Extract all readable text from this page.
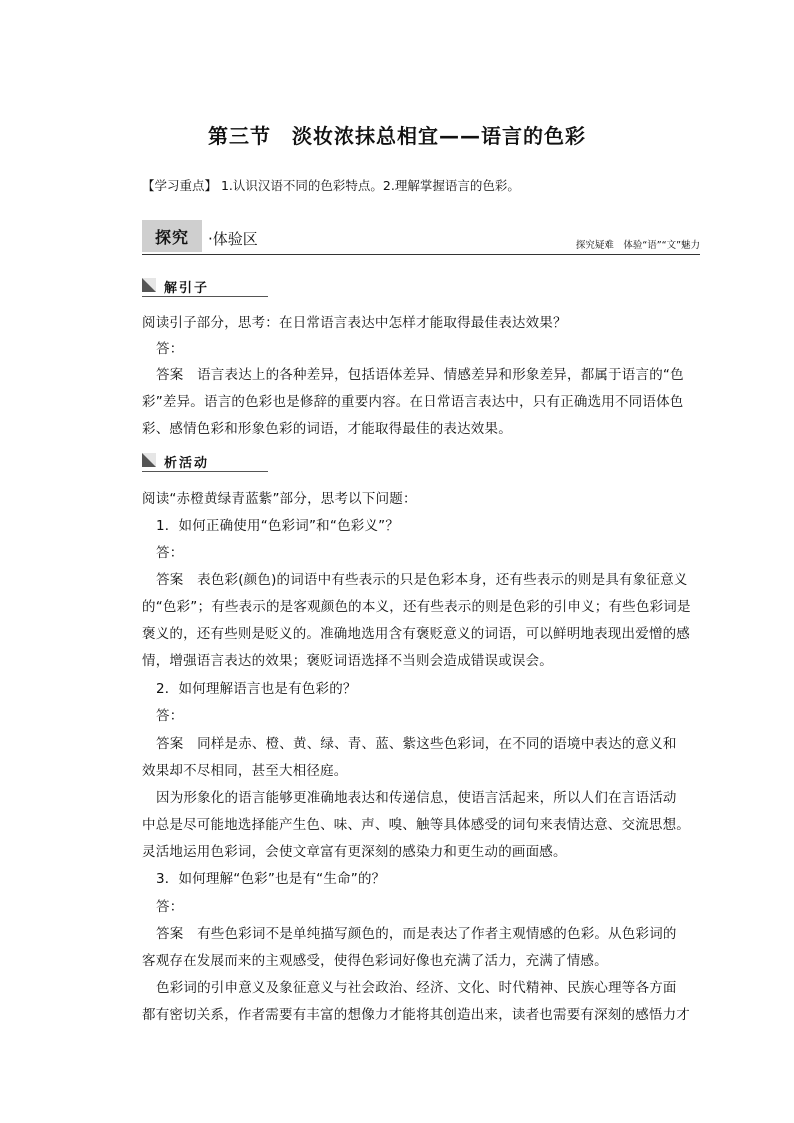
第三节　淡妆浓抹总相宜——语言的色彩
【学习重点】 1.认识汉语不同的色彩特点。2.理解掌握语言的色彩。
探究	·体验区	探究疑难　体验“语”“文”魅力
解引子
阅读引子部分，思考：在日常语言表达中怎样才能取得最佳表达效果？
答：
答案　语言表达上的各种差异，包括语体差异、情感差异和形象差异，都属于语言的“色
彩”差异。语言的色彩也是修辞的重要内容。在日常语言表达中，只有正确选用不同语体色
彩、感情色彩和形象色彩的词语，才能取得最佳的表达效果。
析活动
阅读“赤橙黄绿青蓝紫”部分，思考以下问题：
1．如何正确使用“色彩词”和“色彩义”？
答：
答案　表色彩(颜色)的词语中有些表示的只是色彩本身，还有些表示的则是具有象征意义
的“色彩”；有些表示的是客观颜色的本义，还有些表示的则是色彩的引申义；有些色彩词是
褒义的，还有些则是贬义的。准确地选用含有褒贬意义的词语，可以鲜明地表现出爱憎的感
情，增强语言表达的效果；褒贬词语选择不当则会造成错误或误会。
2．如何理解语言也是有色彩的？
答：
答案　同样是赤、橙、黄、绿、青、蓝、紫这些色彩词，在不同的语境中表达的意义和
效果却不尽相同，甚至大相径庭。
因为形象化的语言能够更准确地表达和传递信息，使语言活起来，所以人们在言语活动
中总是尽可能地选择能产生色、味、声、嗅、触等具体感受的词句来表情达意、交流思想。
灵活地运用色彩词，会使文章富有更深刻的感染力和更生动的画面感。
3．如何理解“色彩”也是有“生命”的？
答：
答案　有些色彩词不是单纯描写颜色的，而是表达了作者主观情感的色彩。从色彩词的
客观存在发展而来的主观感受，使得色彩词好像也充满了活力，充满了情感。
色彩词的引申意义及象征意义与社会政治、经济、文化、时代精神、民族心理等各方面
都有密切关系，作者需要有丰富的想像力才能将其创造出来，读者也需要有深刻的感悟力才
